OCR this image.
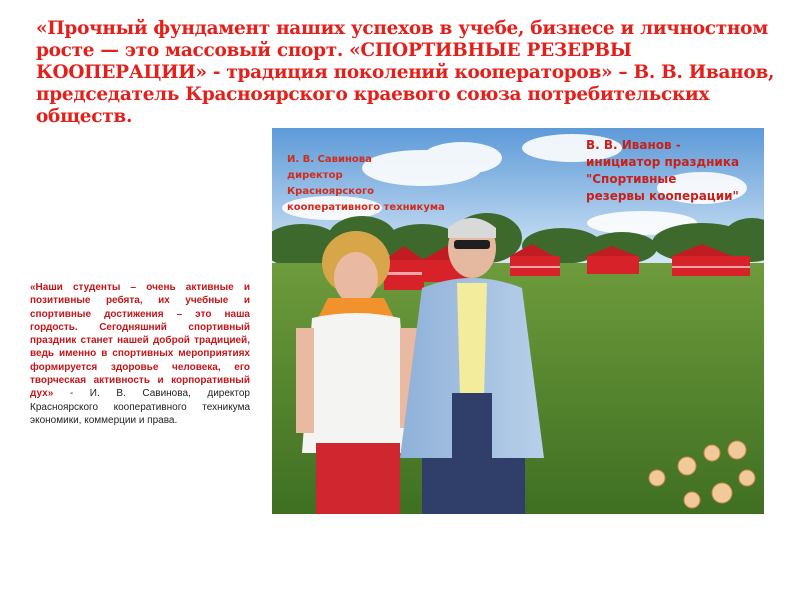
«Прочный фундамент наших успехов в учебе, бизнесе и личностном росте — это массовый спорт. «СПОРТИВНЫЕ РЕЗЕРВЫ КООПЕРАЦИИ» - традиция поколений кооператоров» – В. В. Иванов, председатель Красноярского краевого союза потребительских обществ.
«Наши студенты – очень активные и позитивные ребята, их учебные и спортивные достижения – это наша гордость. Сегодняшний спортивный праздник станет нашей доброй традицией, ведь именно в спортивных мероприятиях формируется здоровье человека, его творческая активность и корпоративный дух» - И. В. Савинова, директор Красноярского кооперативного техникума экономики, коммерции и права.
И. В. Савинова
директор
Красноярского
кооперативного техникума
В. В. Иванов -
инициатор праздника
"Спортивные
резервы кооперации"
